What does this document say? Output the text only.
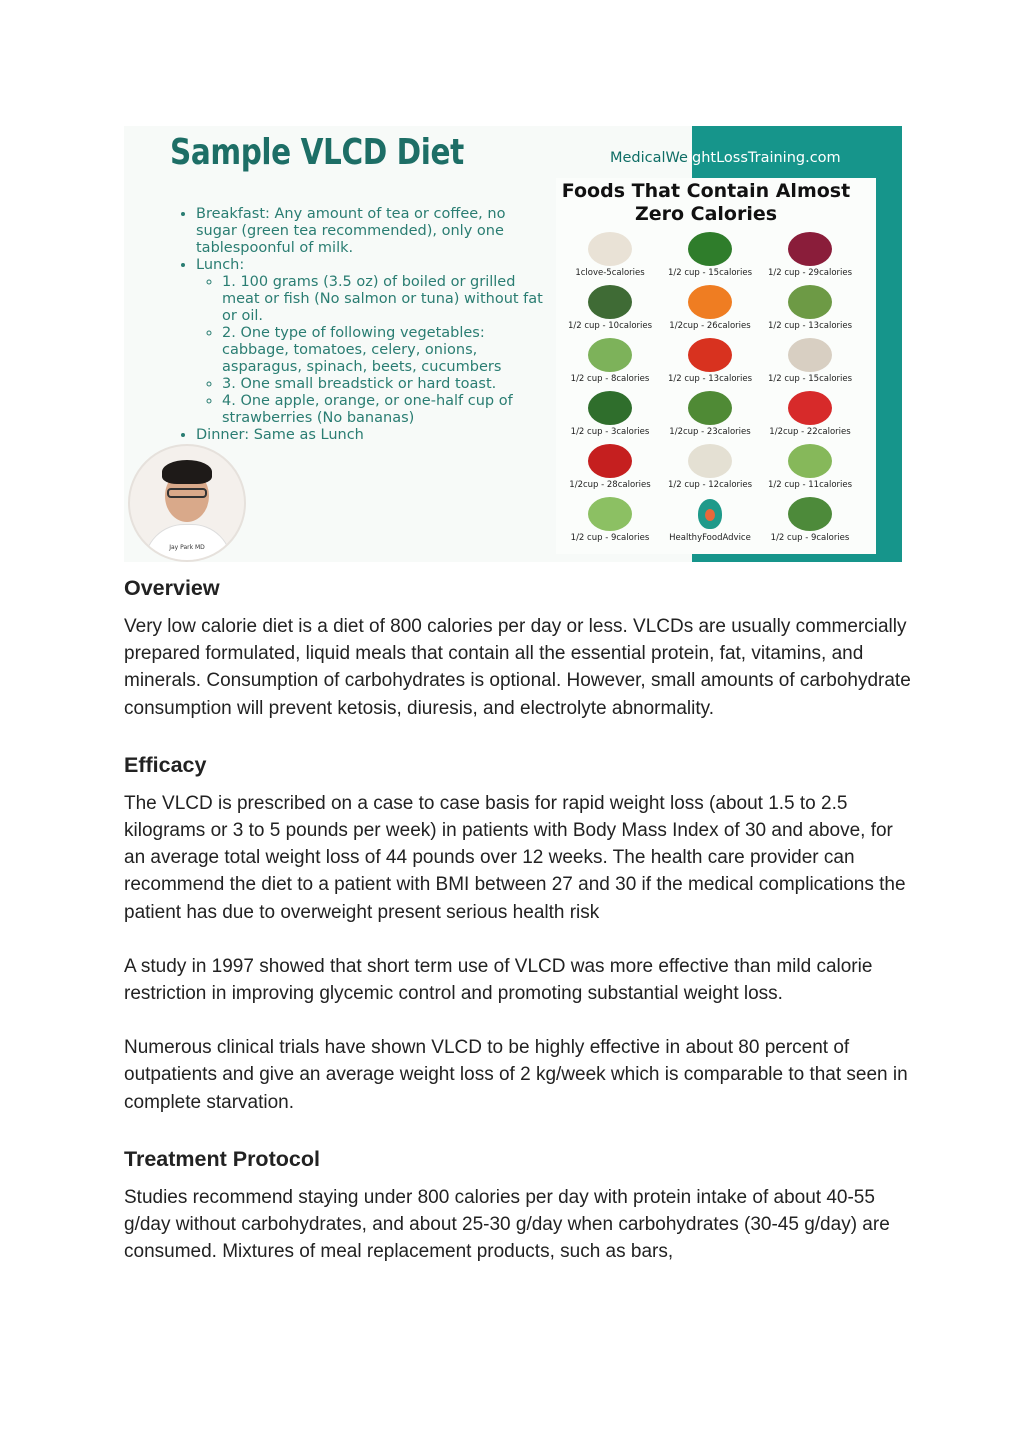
Sample VLCD Diet	MedicalWeightLossTraining.com
• Breakfast: Any amount of tea or coffee, no sugar (green tea recommended), only one tablespoonful of milk.
• Lunch:
◦ 1. 100 grams (3.5 oz) of boiled or grilled meat or fish (No salmon or tuna) without fat or oil.
◦ 2. One type of following vegetables: cabbage, tomatoes, celery, onions, asparagus, spinach, beets, cucumbers
◦ 3. One small breadstick or hard toast.
◦ 4. One apple, orange, or one-half cup of strawberries (No bananas)
• Dinner: Same as Lunch
Foods That Contain Almost
Zero Calories
1clove-5calories	1/2 cup - 15calories	1/2 cup - 29calories
1/2 cup - 10calories	1/2cup - 26calories	1/2 cup - 13calories
1/2 cup - 8calories	1/2 cup - 13calories	1/2 cup - 15calories
1/2 cup - 3calories	1/2cup - 23calories	1/2cup - 22calories
1/2cup - 28calories	1/2 cup - 12calories	1/2 cup - 11calories
1/2 cup - 9calories	HealthyFoodAdvice	1/2 cup - 9calories
Jay Park MD
Overview

Very low calorie diet is a diet of 800 calories per day or less. VLCDs are usually commercially prepared formulated, liquid meals that contain all the essential protein, fat, vitamins, and minerals. Consumption of carbohydrates is optional. However, small amounts of carbohydrate consumption will prevent ketosis, diuresis, and electrolyte abnormality.

Efficacy

The VLCD is prescribed on a case to case basis for rapid weight loss (about 1.5 to 2.5 kilograms or 3 to 5 pounds per week) in patients with Body Mass Index of 30 and above, for an average total weight loss of 44 pounds over 12 weeks. The health care provider can recommend the diet to a patient with BMI between 27 and 30 if the medical complications the patient has due to overweight present serious health risk

A study in 1997 showed that short term use of VLCD was more effective than mild calorie restriction in improving glycemic control and promoting substantial weight loss.

Numerous clinical trials have shown VLCD to be highly effective in about 80 percent of outpatients and give an average weight loss of 2 kg/week which is comparable to that seen in complete starvation.

Treatment Protocol

Studies recommend staying under 800 calories per day with protein intake of about 40-55 g/day without carbohydrates, and about 25-30 g/day when carbohydrates (30-45 g/day) are consumed. Mixtures of meal replacement products, such as bars,
